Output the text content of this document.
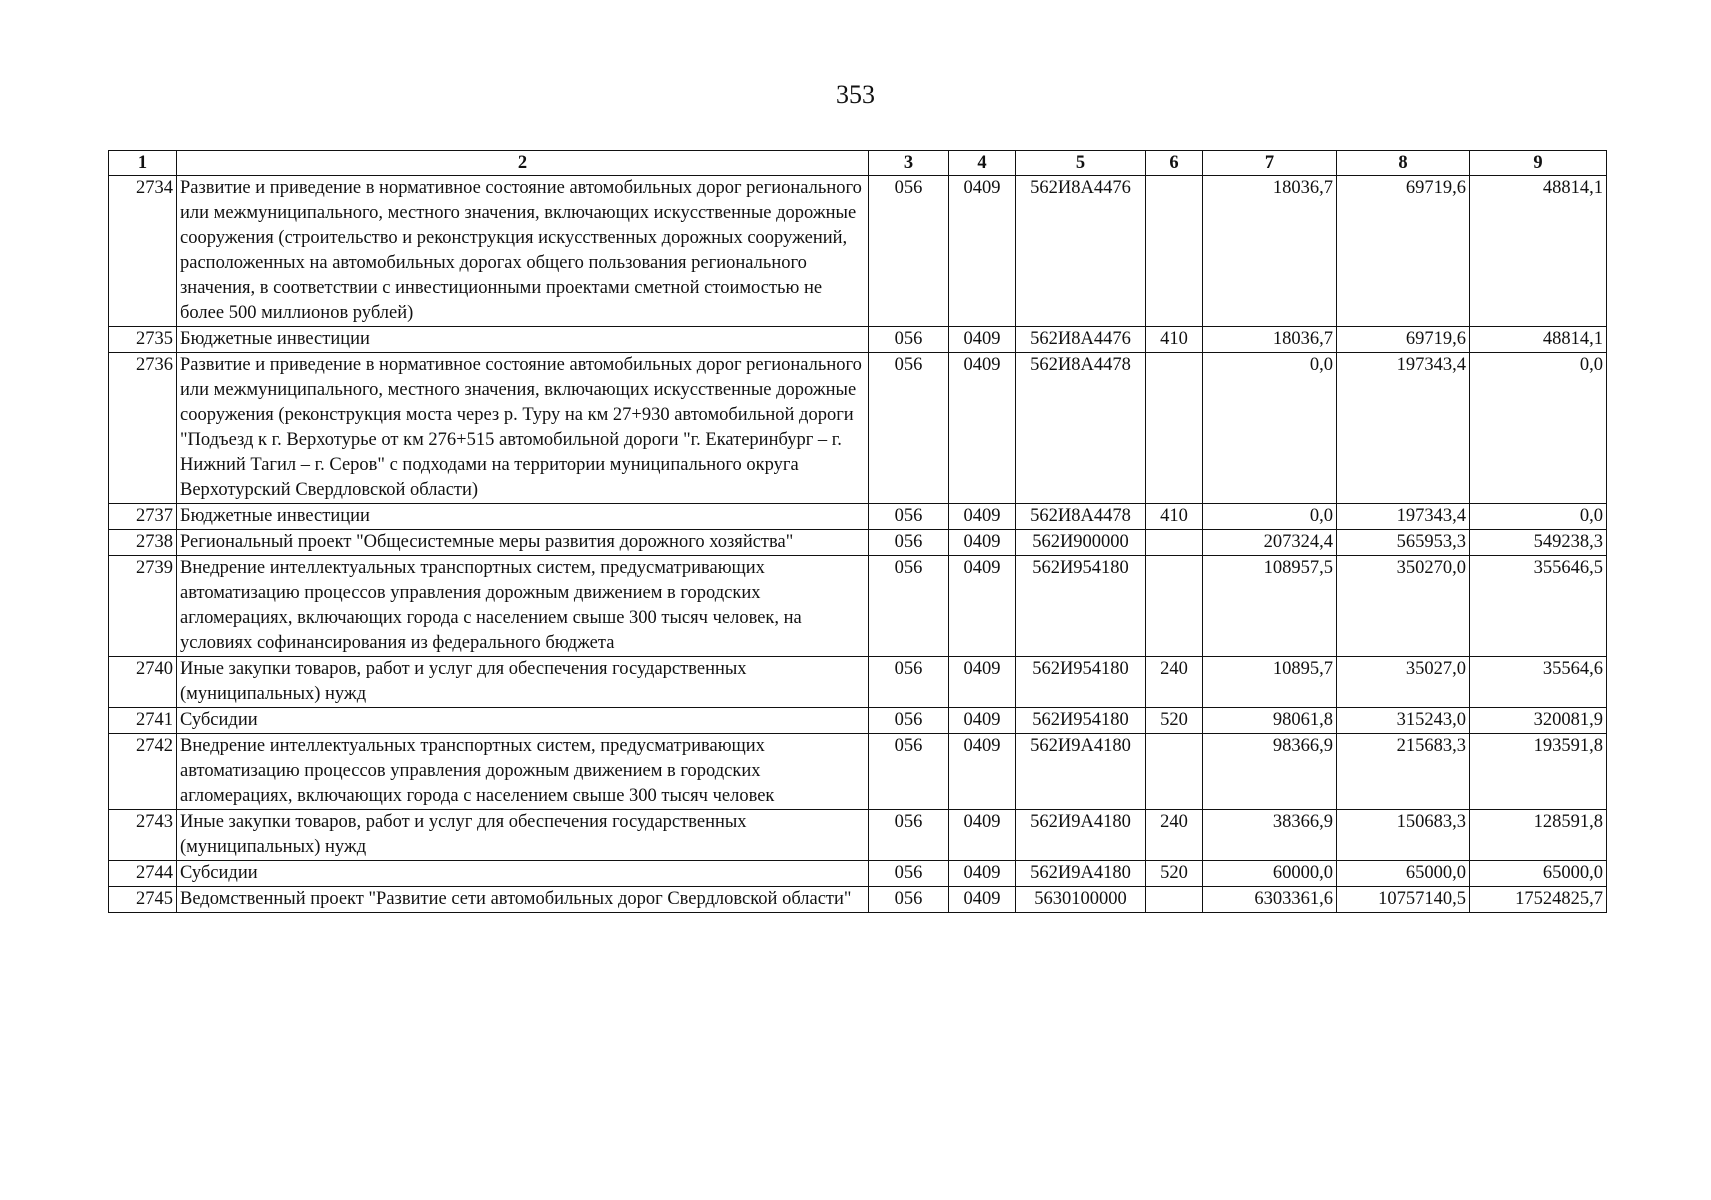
353
1	2	3	4	5	6	7	8	9
2734	Развитие и приведение в нормативное состояние автомобильных дорог регионального или межмуниципального, местного значения, включающих искусственные дорожные сооружения (строительство и реконструкция искусственных дорожных сооружений, расположенных на автомобильных дорогах общего пользования регионального значения, в соответствии с инвестиционными проектами сметной стоимостью не более 500 миллионов рублей)	056	0409	562И8А4476		18036,7	69719,6	48814,1
2735	Бюджетные инвестиции	056	0409	562И8А4476	410	18036,7	69719,6	48814,1
2736	Развитие и приведение в нормативное состояние автомобильных дорог регионального или межмуниципального, местного значения, включающих искусственные дорожные сооружения (реконструкция моста через р. Туру на км 27+930 автомобильной дороги "Подъезд к г. Верхотурье от км 276+515 автомобильной дороги "г. Екатеринбург – г. Нижний Тагил – г. Серов" с подходами на территории муниципального округа Верхотурский Свердловской области)	056	0409	562И8А4478		0,0	197343,4	0,0
2737	Бюджетные инвестиции	056	0409	562И8А4478	410	0,0	197343,4	0,0
2738	Региональный проект "Общесистемные меры развития дорожного хозяйства"	056	0409	562И900000		207324,4	565953,3	549238,3
2739	Внедрение интеллектуальных транспортных систем, предусматривающих автоматизацию процессов управления дорожным движением в городских агломерациях, включающих города с населением свыше 300 тысяч человек, на условиях софинансирования из федерального бюджета	056	0409	562И954180		108957,5	350270,0	355646,5
2740	Иные закупки товаров, работ и услуг для обеспечения государственных (муниципальных) нужд	056	0409	562И954180	240	10895,7	35027,0	35564,6
2741	Субсидии	056	0409	562И954180	520	98061,8	315243,0	320081,9
2742	Внедрение интеллектуальных транспортных систем, предусматривающих автоматизацию процессов управления дорожным движением в городских агломерациях, включающих города с населением свыше 300 тысяч человек	056	0409	562И9А4180		98366,9	215683,3	193591,8
2743	Иные закупки товаров, работ и услуг для обеспечения государственных (муниципальных) нужд	056	0409	562И9А4180	240	38366,9	150683,3	128591,8
2744	Субсидии	056	0409	562И9А4180	520	60000,0	65000,0	65000,0
2745	Ведомственный проект "Развитие сети автомобильных дорог Свердловской области"	056	0409	5630100000		6303361,6	10757140,5	17524825,7
